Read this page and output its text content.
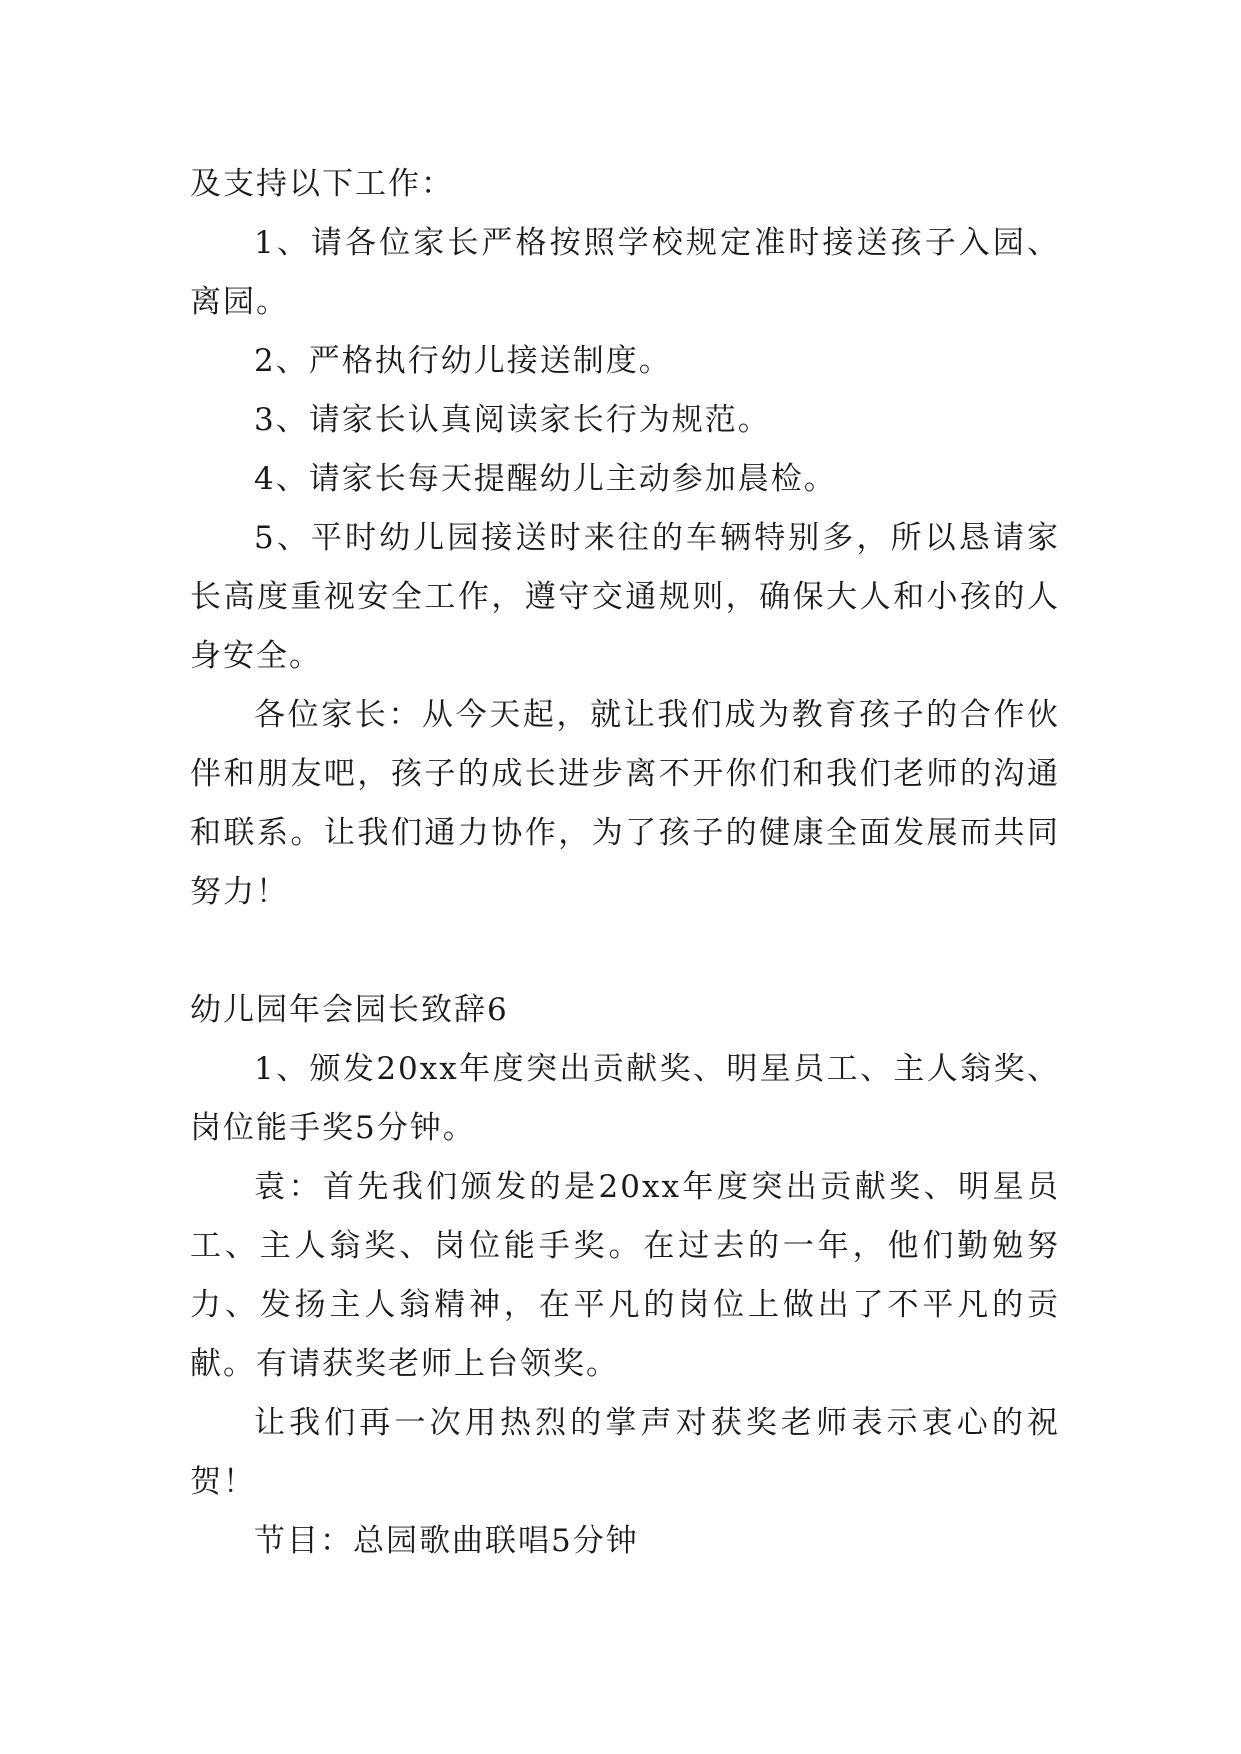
及支持以下工作：

1、请各位家长严格按照学校规定准时接送孩子入园、离园。

2、严格执行幼儿接送制度。

3、请家长认真阅读家长行为规范。

4、请家长每天提醒幼儿主动参加晨检。

5、平时幼儿园接送时来往的车辆特别多，所以恳请家长高度重视安全工作，遵守交通规则，确保大人和小孩的人身安全。

各位家长：从今天起，就让我们成为教育孩子的合作伙伴和朋友吧，孩子的成长进步离不开你们和我们老师的沟通和联系。让我们通力协作，为了孩子的健康全面发展而共同努力！

幼儿园年会园长致辞6

1、颁发20xx年度突出贡献奖、明星员工、主人翁奖、岗位能手奖5分钟。

袁：首先我们颁发的是20xx年度突出贡献奖、明星员工、主人翁奖、岗位能手奖。在过去的一年，他们勤勉努力、发扬主人翁精神，在平凡的岗位上做出了不平凡的贡献。有请获奖老师上台领奖。

让我们再一次用热烈的掌声对获奖老师表示衷心的祝贺！

节目：总园歌曲联唱5分钟
